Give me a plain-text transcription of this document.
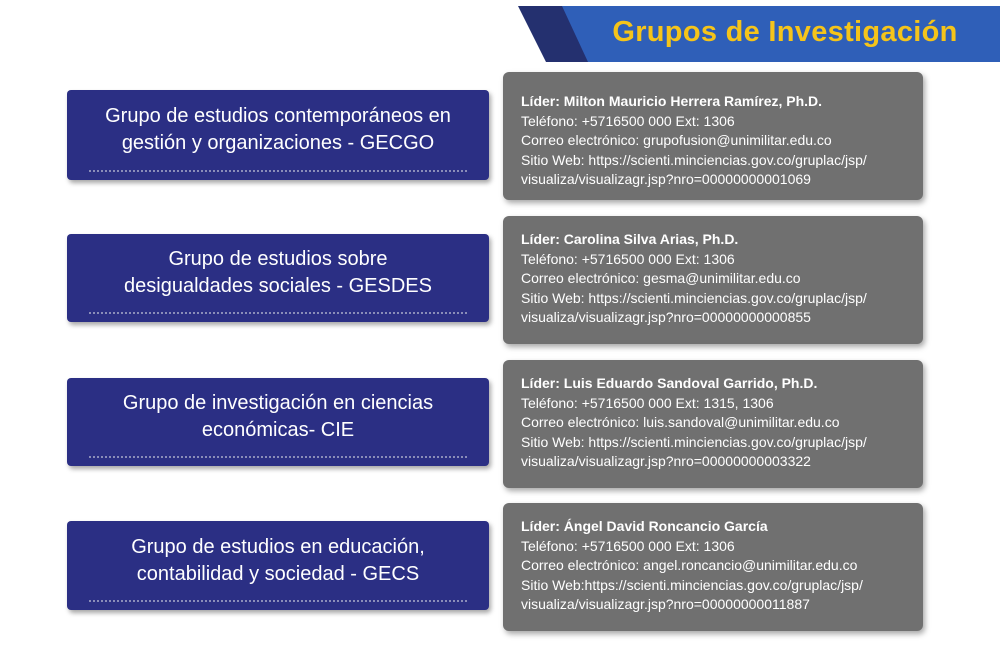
Grupos de Investigación
Grupo de estudios contemporáneos en
gestión y organizaciones - GECGO
Líder: Milton Mauricio Herrera Ramírez, Ph.D.
Teléfono: +5716500 000 Ext: 1306
Correo electrónico: grupofusion@unimilitar.edu.co
Sitio Web: https://scienti.minciencias.gov.co/gruplac/jsp/
visualiza/visualizagr.jsp?nro=00000000001069
Grupo de estudios sobre
desigualdades sociales - GESDES
Líder: Carolina Silva Arias, Ph.D.
Teléfono: +5716500 000 Ext: 1306
Correo electrónico: gesma@unimilitar.edu.co
Sitio Web: https://scienti.minciencias.gov.co/gruplac/jsp/
visualiza/visualizagr.jsp?nro=00000000000855
Grupo de investigación en ciencias
económicas- CIE
Líder: Luis Eduardo Sandoval Garrido, Ph.D.
Teléfono: +5716500 000 Ext: 1315, 1306
Correo electrónico: luis.sandoval@unimilitar.edu.co
Sitio Web: https://scienti.minciencias.gov.co/gruplac/jsp/
visualiza/visualizagr.jsp?nro=00000000003322
Grupo de estudios en educación,
contabilidad y sociedad - GECS
Líder: Ángel David Roncancio García
Teléfono: +5716500 000 Ext: 1306
Correo electrónico: angel.roncancio@unimilitar.edu.co
Sitio Web:https://scienti.minciencias.gov.co/gruplac/jsp/
visualiza/visualizagr.jsp?nro=00000000011887
